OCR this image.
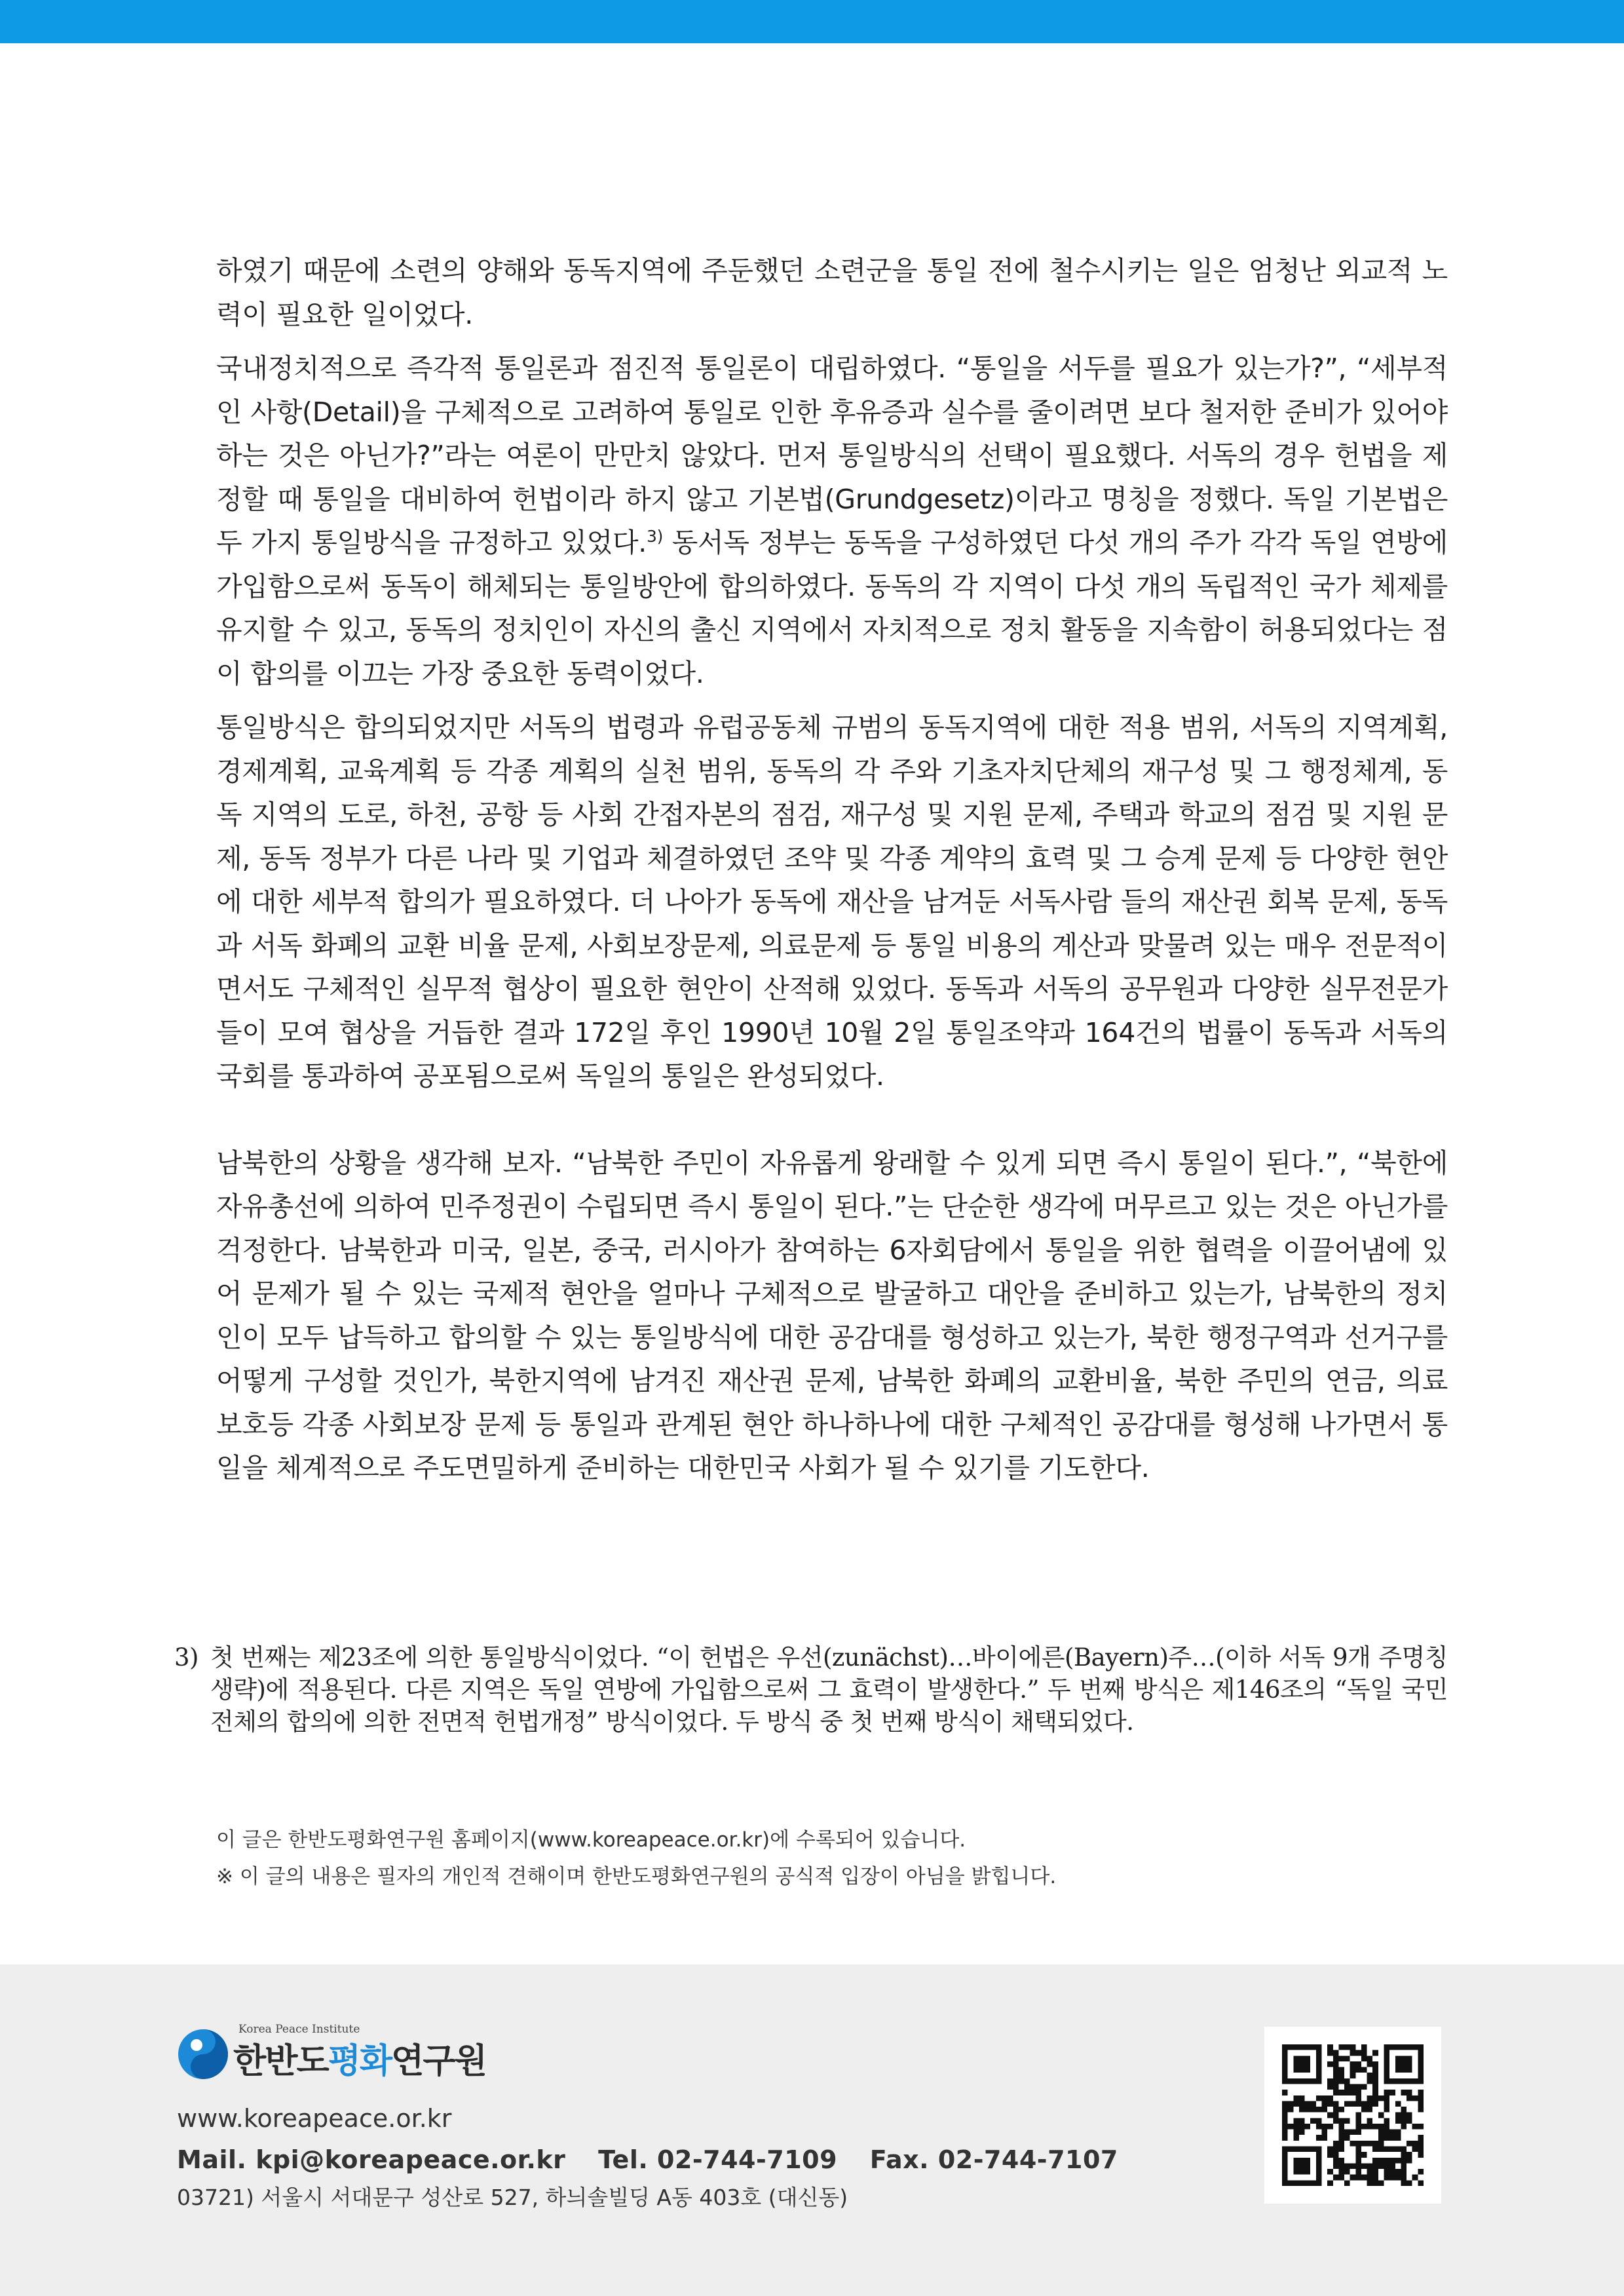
하였기 때문에 소련의 양해와 동독지역에 주둔했던 소련군을 통일 전에 철수시키는 일은 엄청난 외교적 노력이 필요한 일이었다.

국내정치적으로 즉각적 통일론과 점진적 통일론이 대립하였다. “통일을 서두를 필요가 있는가?”, “세부적인 사항(Detail)을 구체적으로 고려하여 통일로 인한 후유증과 실수를 줄이려면 보다 철저한 준비가 있어야 하는 것은 아닌가?”라는 여론이 만만치 않았다. 먼저 통일방식의 선택이 필요했다. 서독의 경우 헌법을 제정할 때 통일을 대비하여 헌법이라 하지 않고 기본법(Grundgesetz)이라고 명칭을 정했다. 독일 기본법은 두 가지 통일방식을 규정하고 있었다.$^{3)}$ 동서독 정부는 동독을 구성하였던 다섯 개의 주가 각각 독일 연방에 가입함으로써 동독이 해체되는 통일방안에 합의하였다. 동독의 각 지역이 다섯 개의 독립적인 국가 체제를 유지할 수 있고, 동독의 정치인이 자신의 출신 지역에서 자치적으로 정치 활동을 지속함이 허용되었다는 점이 합의를 이끄는 가장 중요한 동력이었다.

통일방식은 합의되었지만 서독의 법령과 유럽공동체 규범의 동독지역에 대한 적용 범위, 서독의 지역계획, 경제계획, 교육계획 등 각종 계획의 실천 범위, 동독의 각 주와 기초자치단체의 재구성 및 그 행정체계, 동독 지역의 도로, 하천, 공항 등 사회 간접자본의 점검, 재구성 및 지원 문제, 주택과 학교의 점검 및 지원 문제, 동독 정부가 다른 나라 및 기업과 체결하였던 조약 및 각종 계약의 효력 및 그 승계 문제 등 다양한 현안에 대한 세부적 합의가 필요하였다. 더 나아가 동독에 재산을 남겨둔 서독사람 들의 재산권 회복 문제, 동독과 서독 화폐의 교환 비율 문제, 사회보장문제, 의료문제 등 통일 비용의 계산과 맞물려 있는 매우 전문적이면서도 구체적인 실무적 협상이 필요한 현안이 산적해 있었다. 동독과 서독의 공무원과 다양한 실무전문가들이 모여 협상을 거듭한 결과 172일 후인 1990년 10월 2일 통일조약과 164건의 법률이 동독과 서독의 국회를 통과하여 공포됨으로써 독일의 통일은 완성되었다.

남북한의 상황을 생각해 보자. “남북한 주민이 자유롭게 왕래할 수 있게 되면 즉시 통일이 된다.”, “북한에 자유총선에 의하여 민주정권이 수립되면 즉시 통일이 된다.”는 단순한 생각에 머무르고 있는 것은 아닌가를 걱정한다. 남북한과 미국, 일본, 중국, 러시아가 참여하는 6자회담에서 통일을 위한 협력을 이끌어냄에 있어 문제가 될 수 있는 국제적 현안을 얼마나 구체적으로 발굴하고 대안을 준비하고 있는가, 남북한의 정치인이 모두 납득하고 합의할 수 있는 통일방식에 대한 공감대를 형성하고 있는가, 북한 행정구역과 선거구를 어떻게 구성할 것인가, 북한지역에 남겨진 재산권 문제, 남북한 화폐의 교환비율, 북한 주민의 연금, 의료 보호등 각종 사회보장 문제 등 통일과 관계된 현안 하나하나에 대한 구체적인 공감대를 형성해 나가면서 통일을 체계적으로 주도면밀하게 준비하는 대한민국 사회가 될 수 있기를 기도한다.

3) 첫 번째는 제23조에 의한 통일방식이었다. “이 헌법은 우선(zunächst)…바이에른(Bayern)주…(이하 서독 9개 주명칭 생략)에 적용된다. 다른 지역은 독일 연방에 가입함으로써 그 효력이 발생한다.” 두 번째 방식은 제146조의 “독일 국민 전체의 합의에 의한 전면적 헌법개정” 방식이었다. 두 방식 중 첫 번째 방식이 채택되었다.
이 글은 한반도평화연구원 홈페이지(www.koreapeace.or.kr)에 수록되어 있습니다.
※ 이 글의 내용은 필자의 개인적 견해이며 한반도평화연구원의 공식적 입장이 아님을 밝힙니다.
Korea Peace Institute
한반도평화연구원
www.koreapeace.or.kr
Mail. kpi@koreapeace.or.kr Tel. 02-744-7109 Fax. 02-744-7107
03721) 서울시 서대문구 성산로 527, 하늬솔빌딩 A동 403호 (대신동)
